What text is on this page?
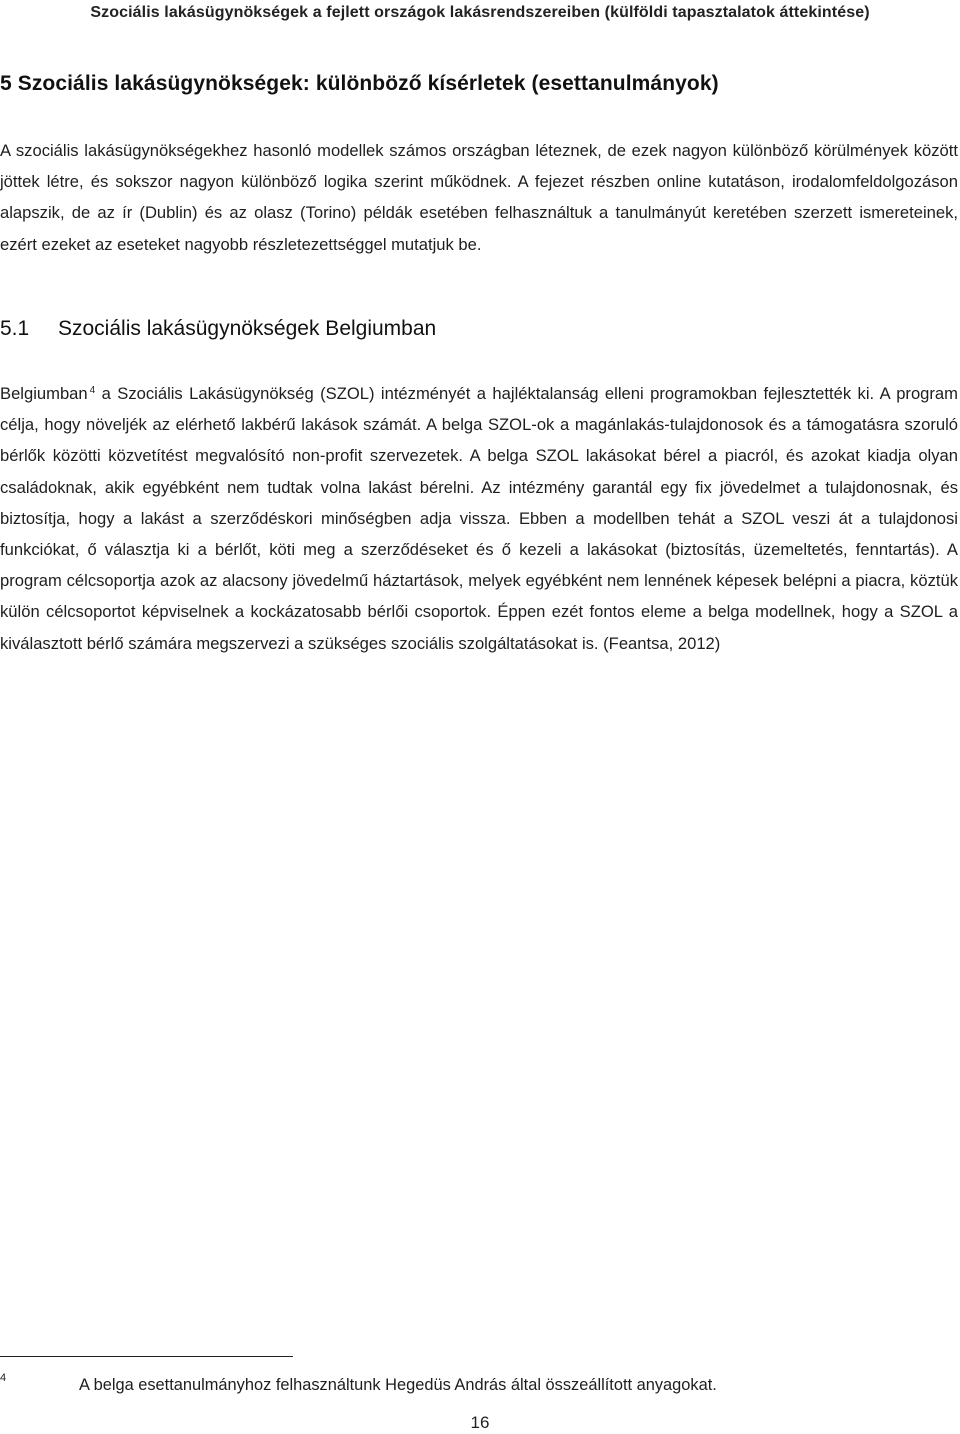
Szociális lakásügynökségek a fejlett országok lakásrendszereiben (külföldi tapasztalatok áttekintése)
5 Szociális lakásügynökségek: különböző kísérletek (esettanulmányok)

A szociális lakásügynökségekhez hasonló modellek számos országban léteznek, de ezek nagyon különböző körülmények között jöttek létre, és sokszor nagyon különböző logika szerint működnek. A fejezet részben online kutatáson, irodalomfeldolgozáson alapszik, de az ír (Dublin) és az olasz (Torino) példák esetében felhasználtuk a tanulmányút keretében szerzett ismereteinek, ezért ezeket az eseteket nagyobb részletezettséggel mutatjuk be.

5.1 Szociális lakásügynökségek Belgiumban

Belgiumban $^4$ a Szociális Lakásügynökség (SZOL) intézményét a hajléktalanság elleni programokban fejlesztették ki. A program célja, hogy növeljék az elérhető lakbérű lakások számát. A belga SZOL-ok a magánlakás-tulajdonosok és a támogatásra szoruló bérlők közötti közvetítést megvalósító non-profit szervezetek. A belga SZOL lakásokat bérel a piacról, és azokat kiadja olyan családoknak, akik egyébként nem tudtak volna lakást bérelni. Az intézmény garantál egy fix jövedelmet a tulajdonosnak, és biztosítja, hogy a lakást a szerződéskori minőségben adja vissza. Ebben a modellben tehát a SZOL veszi át a tulajdonosi funkciókat, ő választja ki a bérlőt, köti meg a szerződéseket és ő kezeli a lakásokat (biztosítás, üzemeltetés, fenntartás). A program célcsoportja azok az alacsony jövedelmű háztartások, melyek egyébként nem lennének képesek belépni a piacra, köztük külön célcsoportot képviselnek a kockázatosabb bérlői csoportok. Éppen ezét fontos eleme a belga modellnek, hogy a SZOL a kiválasztott bérlő számára megszervezi a szükséges szociális szolgáltatásokat is. (Feantsa, 2012)

4	A belga esettanulmányhoz felhasználtunk Hegedüs András által összeállított anyagokat.
16
